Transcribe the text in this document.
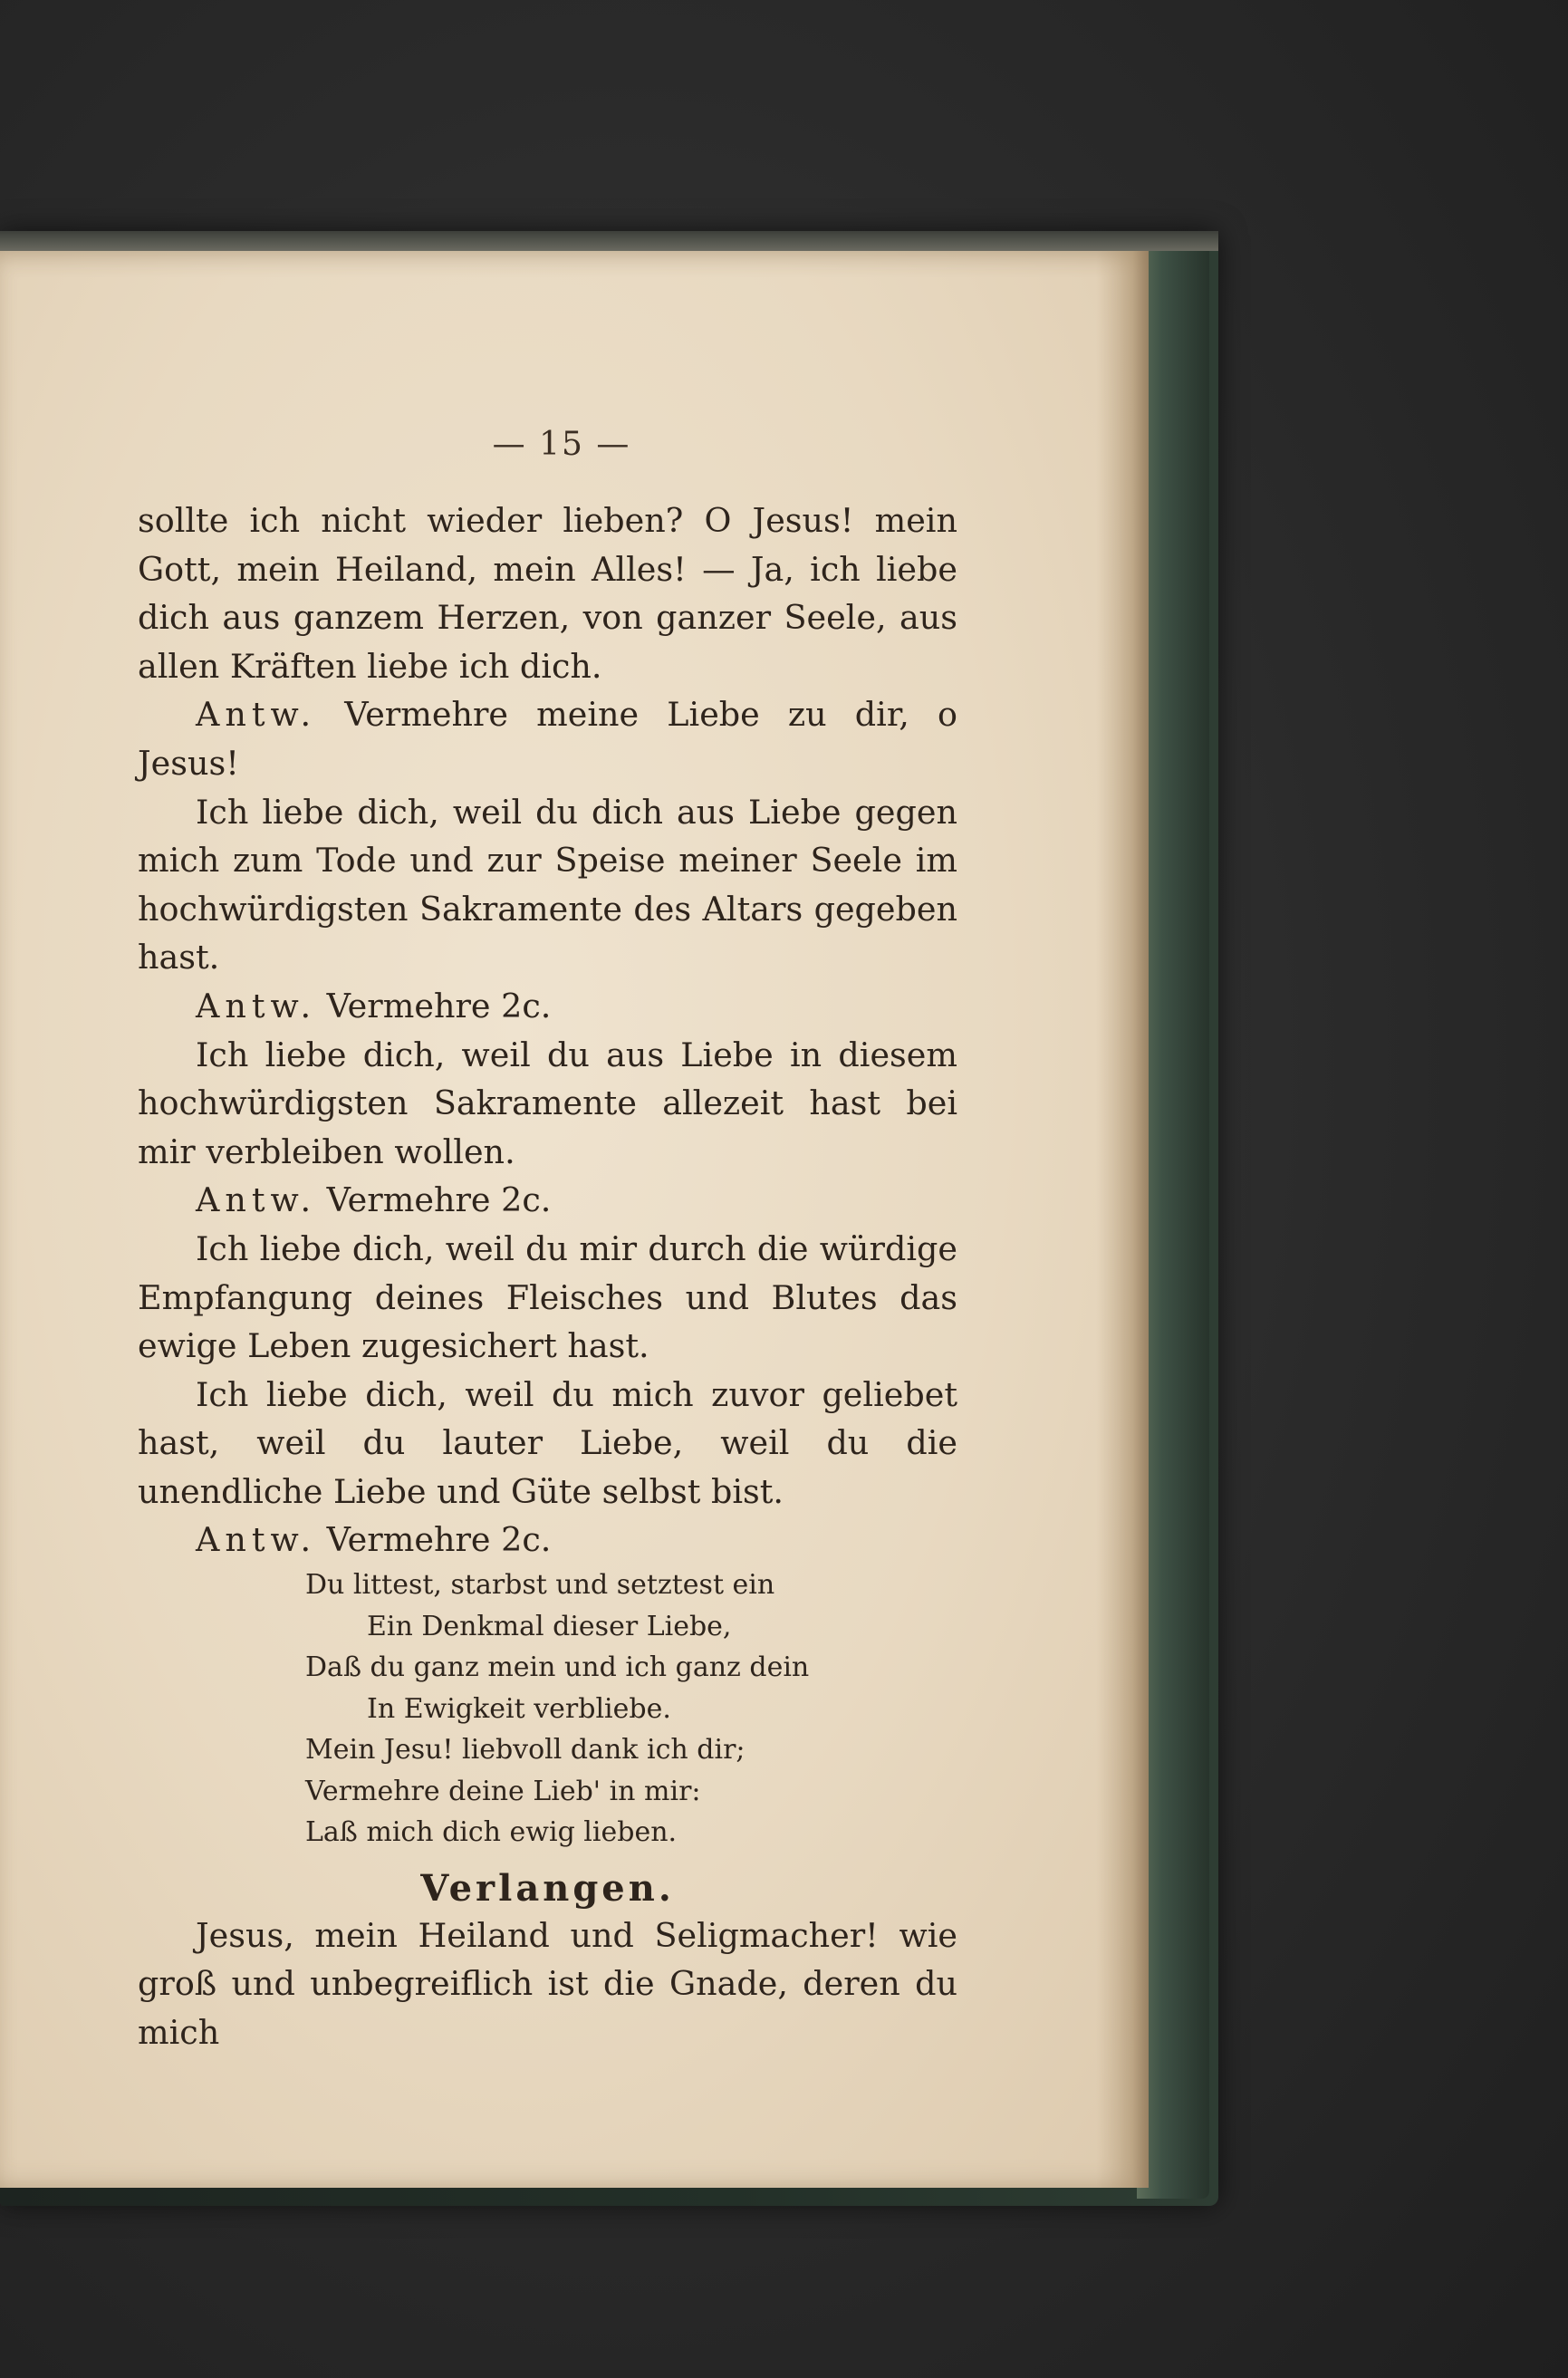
— 15 —

sollte ich nicht wieder lieben? O Jesus! mein Gott, mein Heiland, mein Alles! — Ja, ich liebe dich aus ganzem Herzen, von ganzer Seele, aus allen Kräften liebe ich dich.

Antw. Vermehre meine Liebe zu dir, o Jesus!

Ich liebe dich, weil du dich aus Liebe gegen mich zum Tode und zur Speise meiner Seele im hochwürdigsten Sakramente des Altars gegeben hast.

Antw. Vermehre 2c.

Ich liebe dich, weil du aus Liebe in diesem hochwürdigsten Sakramente allezeit hast bei mir verbleiben wollen.

Antw. Vermehre 2c.

Ich liebe dich, weil du mir durch die würdige Empfangung deines Fleisches und Blutes das ewige Leben zugesichert hast.

Ich liebe dich, weil du mich zuvor geliebet hast, weil du lauter Liebe, weil du die unendliche Liebe und Güte selbst bist.

Antw. Vermehre 2c.

Du littest, starbst und setztest ein
Ein Denkmal dieser Liebe,
Daß du ganz mein und ich ganz dein
In Ewigkeit verbliebe.
Mein Jesu! liebvoll dank ich dir;
Vermehre deine Lieb' in mir:
Laß mich dich ewig lieben.
Verlangen.

Jesus, mein Heiland und Seligmacher! wie groß und unbegreiflich ist die Gnade, deren du mich
